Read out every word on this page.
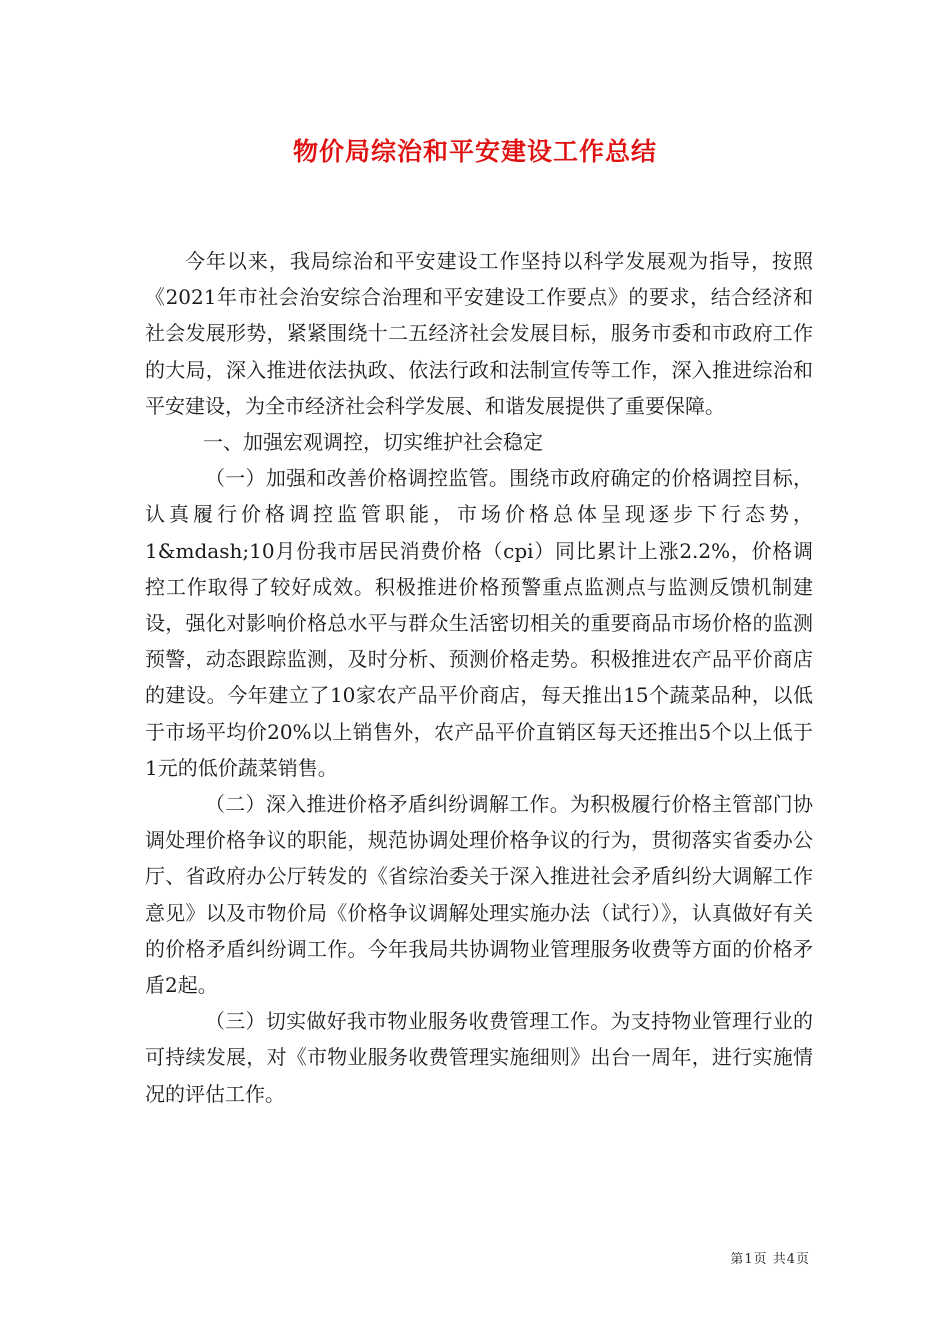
物价局综治和平安建设工作总结

今年以来，我局综治和平安建设工作坚持以科学发展观为指导，按照《2021年市社会治安综合治理和平安建设工作要点》的要求，结合经济和社会发展形势，紧紧围绕十二五经济社会发展目标，服务市委和市政府工作的大局，深入推进依法执政、依法行政和法制宣传等工作，深入推进综治和平安建设，为全市经济社会科学发展、和谐发展提供了重要保障。

一、加强宏观调控，切实维护社会稳定

（一）加强和改善价格调控监管。围绕市政府确定的价格调控目标，认真履行价格调控监管职能，市场价格总体呈现逐步下行态势，1&mdash;10月份我市居民消费价格（cpi）同比累计上涨2.2%，价格调控工作取得了较好成效。积极推进价格预警重点监测点与监测反馈机制建设，强化对影响价格总水平与群众生活密切相关的重要商品市场价格的监测预警，动态跟踪监测，及时分析、预测价格走势。积极推进农产品平价商店的建设。今年建立了10家农产品平价商店，每天推出15个蔬菜品种，以低于市场平均价20%以上销售外，农产品平价直销区每天还推出5个以上低于1元的低价蔬菜销售。

（二）深入推进价格矛盾纠纷调解工作。为积极履行价格主管部门协调处理价格争议的职能，规范协调处理价格争议的行为，贯彻落实省委办公厅、省政府办公厅转发的《省综治委关于深入推进社会矛盾纠纷大调解工作意见》以及市物价局《价格争议调解处理实施办法（试行）》，认真做好有关的价格矛盾纠纷调工作。今年我局共协调物业管理服务收费等方面的价格矛盾2起。

（三）切实做好我市物业服务收费管理工作。为支持物业管理行业的可持续发展，对《市物业服务收费管理实施细则》出台一周年，进行实施情况的评估工作。

第1页 共4页
